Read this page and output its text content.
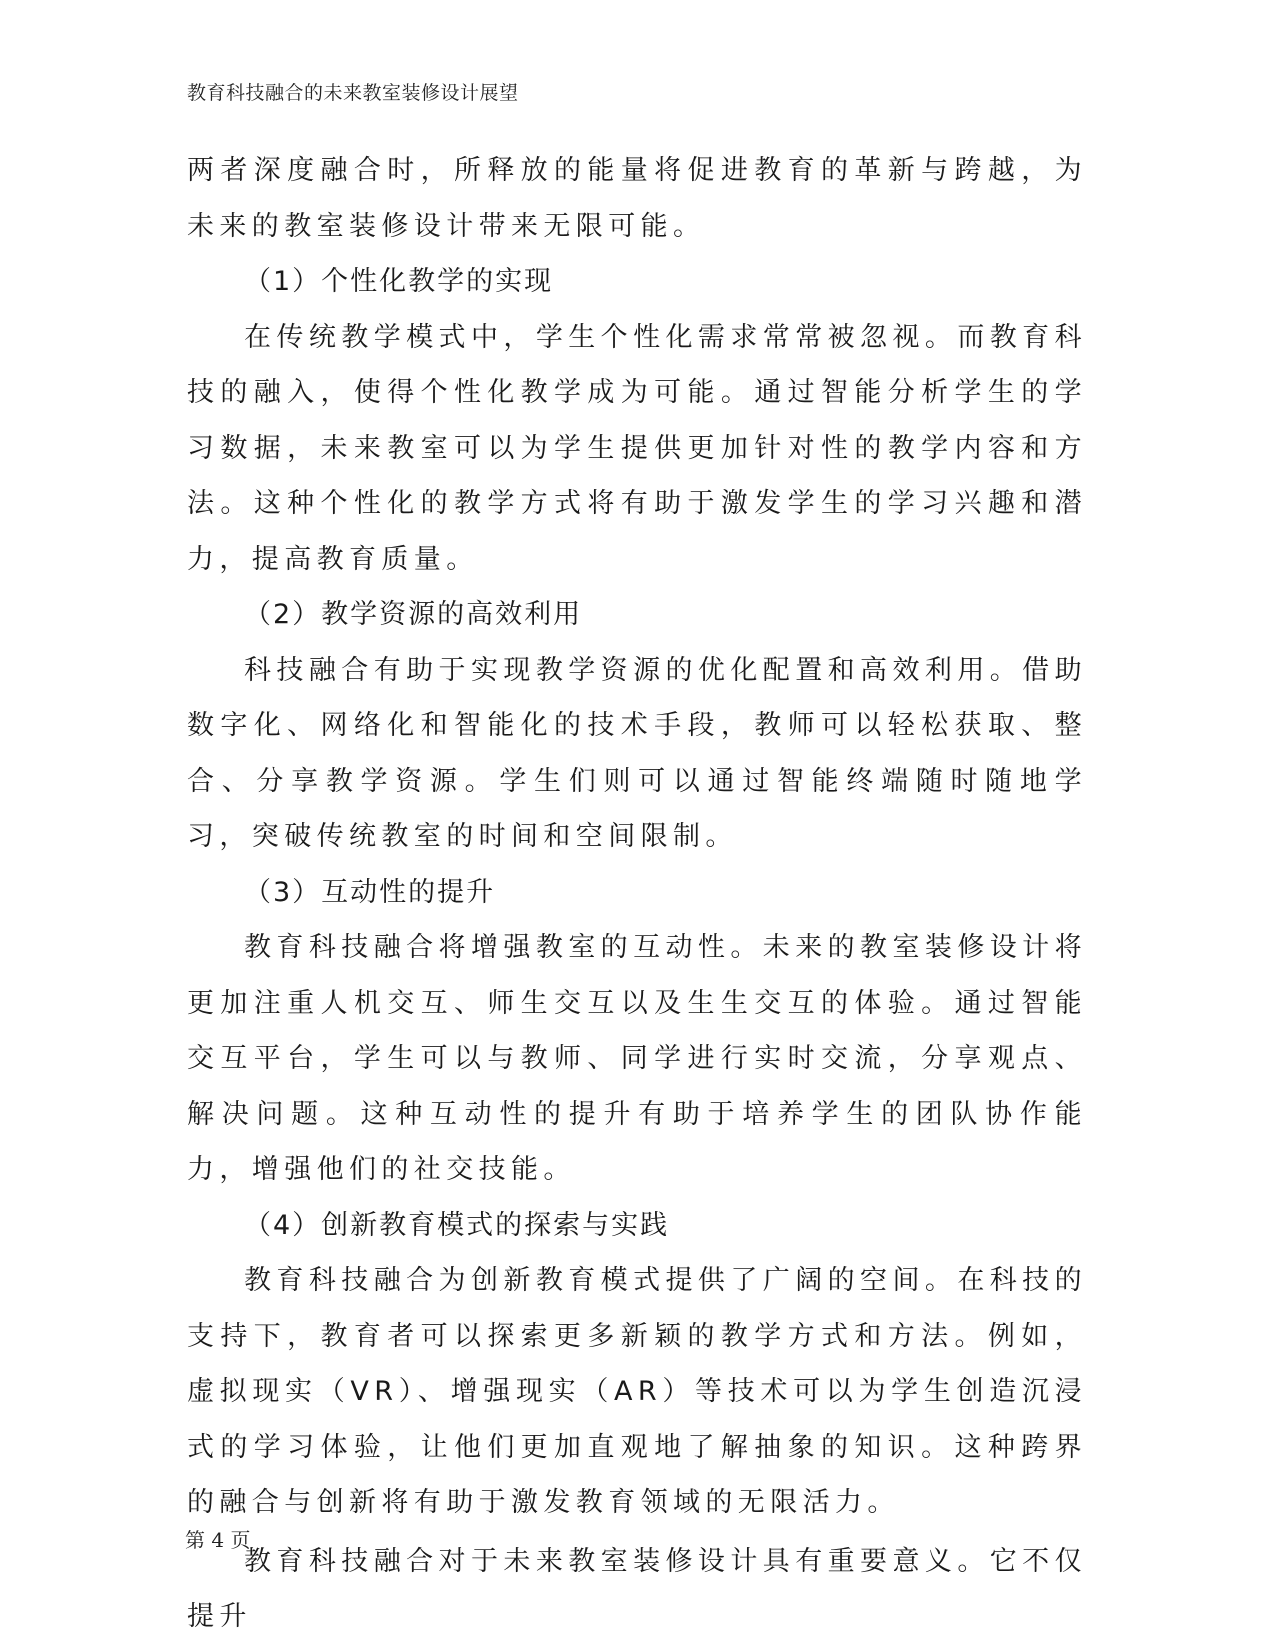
教育科技融合的未来教室装修设计展望

两者深度融合时，所释放的能量将促进教育的革新与跨越，为未来的教室装修设计带来无限可能。

（1）个性化教学的实现

在传统教学模式中，学生个性化需求常常被忽视。而教育科技的融入，使得个性化教学成为可能。通过智能分析学生的学习数据，未来教室可以为学生提供更加针对性的教学内容和方法。这种个性化的教学方式将有助于激发学生的学习兴趣和潜力，提高教育质量。

（2）教学资源的高效利用

科技融合有助于实现教学资源的优化配置和高效利用。借助数字化、网络化和智能化的技术手段，教师可以轻松获取、整合、分享教学资源。学生们则可以通过智能终端随时随地学习，突破传统教室的时间和空间限制。

（3）互动性的提升

教育科技融合将增强教室的互动性。未来的教室装修设计将更加注重人机交互、师生交互以及生生交互的体验。通过智能交互平台，学生可以与教师、同学进行实时交流，分享观点、解决问题。这种互动性的提升有助于培养学生的团队协作能力，增强他们的社交技能。

（4）创新教育模式的探索与实践

教育科技融合为创新教育模式提供了广阔的空间。在科技的支持下，教育者可以探索更多新颖的教学方式和方法。例如，虚拟现实（VR）、增强现实（AR）等技术可以为学生创造沉浸式的学习体验，让他们更加直观地了解抽象的知识。这种跨界的融合与创新将有助于激发教育领域的无限活力。

教育科技融合对于未来教室装修设计具有重要意义。它不仅提升

第 4 页
